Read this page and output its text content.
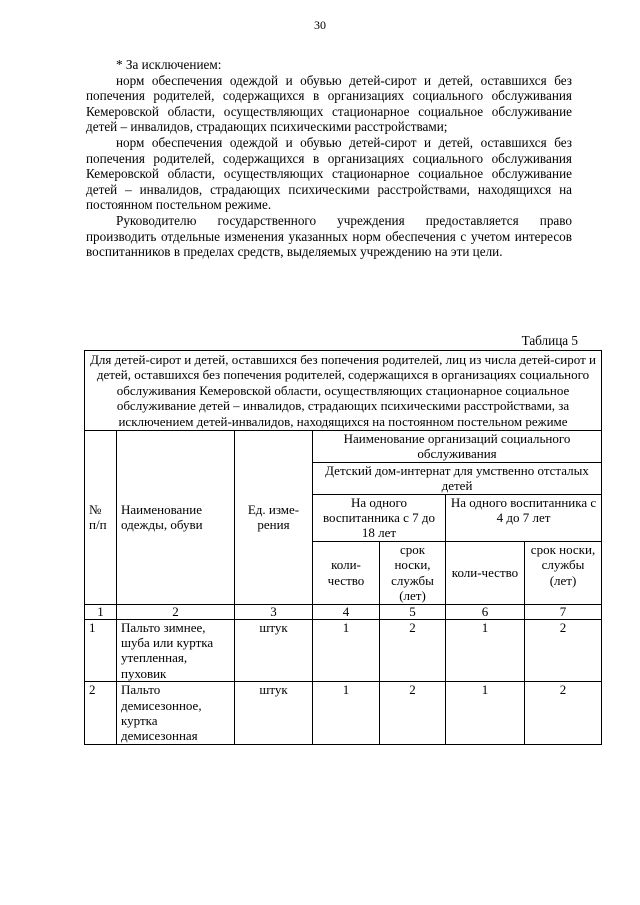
30

* За исключением:

норм обеспечения одеждой и обувью детей-сирот и детей, оставшихся без попечения родителей, содержащихся в организациях социального обслуживания Кемеровской области, осуществляющих стационарное социальное обслуживание детей – инвалидов, страдающих психическими расстройствами;

норм обеспечения одеждой и обувью детей-сирот и детей, оставшихся без попечения родителей, содержащихся в организациях социального обслуживания Кемеровской области, осуществляющих стационарное социальное обслуживание детей – инвалидов, страдающих психическими расстройствами, находящихся на постоянном постельном режиме.

Руководителю государственного учреждения предоставляется право производить отдельные изменения указанных норм обеспечения с учетом интересов воспитанников в пределах средств, выделяемых учреждению на эти цели.

Таблица 5
Для детей-сирот и детей, оставшихся без попечения родителей, лиц из числа детей-сирот и детей, оставшихся без попечения родителей, содержащихся в организациях социального обслуживания Кемеровской области, осуществляющих стационарное социальное обслуживание детей – инвалидов, страдающих психическими расстройствами, за исключением детей-инвалидов, находящихся на постоянном постельном режиме						
№ п/п	Наименование одежды, обуви	Ед. изме-рения	Наименование организаций социального обслуживания			
			Детский дом-интернат для умственно отсталых детей			
			На одного воспитанника с 7 до 18 лет		На одного воспитанника с 4 до 7 лет	
			коли-чество	срок носки, службы (лет)	коли-чество	срок носки, службы (лет)
1	2	3	4	5	6	7
1	Пальто зимнее, шуба или куртка утепленная, пуховик	штук	1	2	1	2
2	Пальто демисезонное, куртка демисезонная	штук	1	2	1	2
